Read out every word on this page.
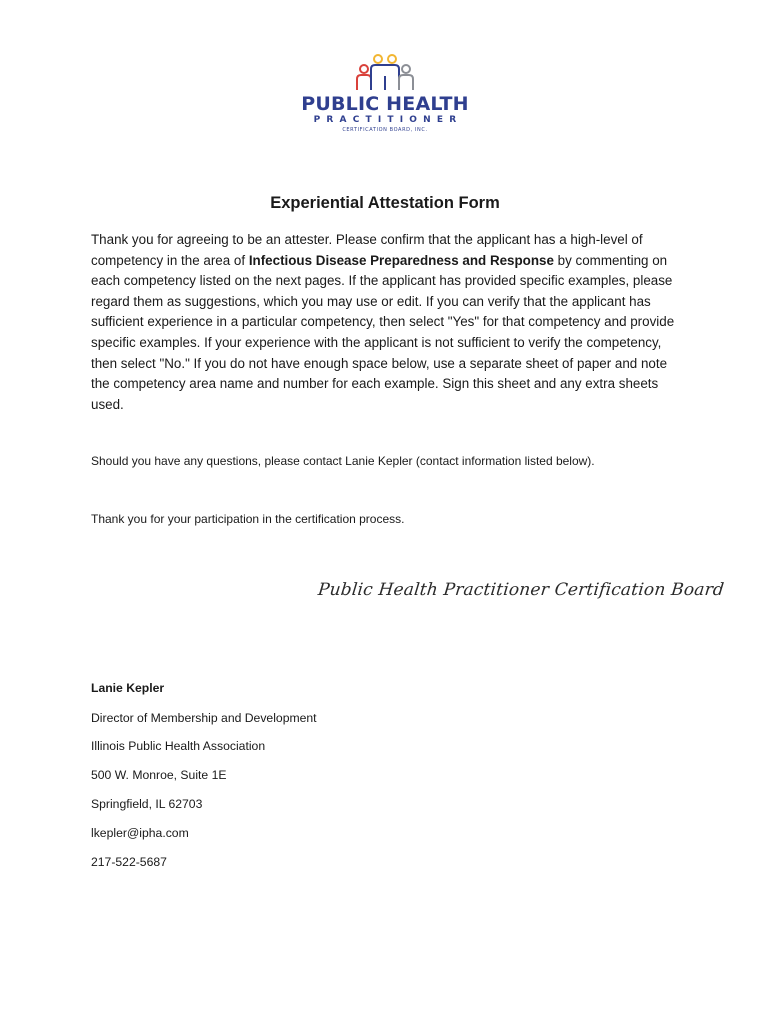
PUBLIC HEALTH
PRACTITIONER
CERTIFICATION BOARD, INC.
Experiential Attestation Form
Thank you for agreeing to be an attester. Please confirm that the applicant has a high-level of competency in the area of Infectious Disease Preparedness and Response by commenting on each competency listed on the next pages. If the applicant has provided specific examples, please regard them as suggestions, which you may use or edit. If you can verify that the applicant has sufficient experience in a particular competency, then select "Yes" for that competency and provide specific examples. If your experience with the applicant is not sufficient to verify the competency, then select "No." If you do not have enough space below, use a separate sheet of paper and note the competency area name and number for each example. Sign this sheet and any extra sheets used.
Should you have any questions, please contact Lanie Kepler (contact information listed below).
Thank you for your participation in the certification process.
Public Health Practitioner Certification Board
Lanie Kepler
Director of Membership and Development
Illinois Public Health Association
500 W. Monroe, Suite 1E
Springfield, IL 62703
lkepler@ipha.com
217-522-5687
